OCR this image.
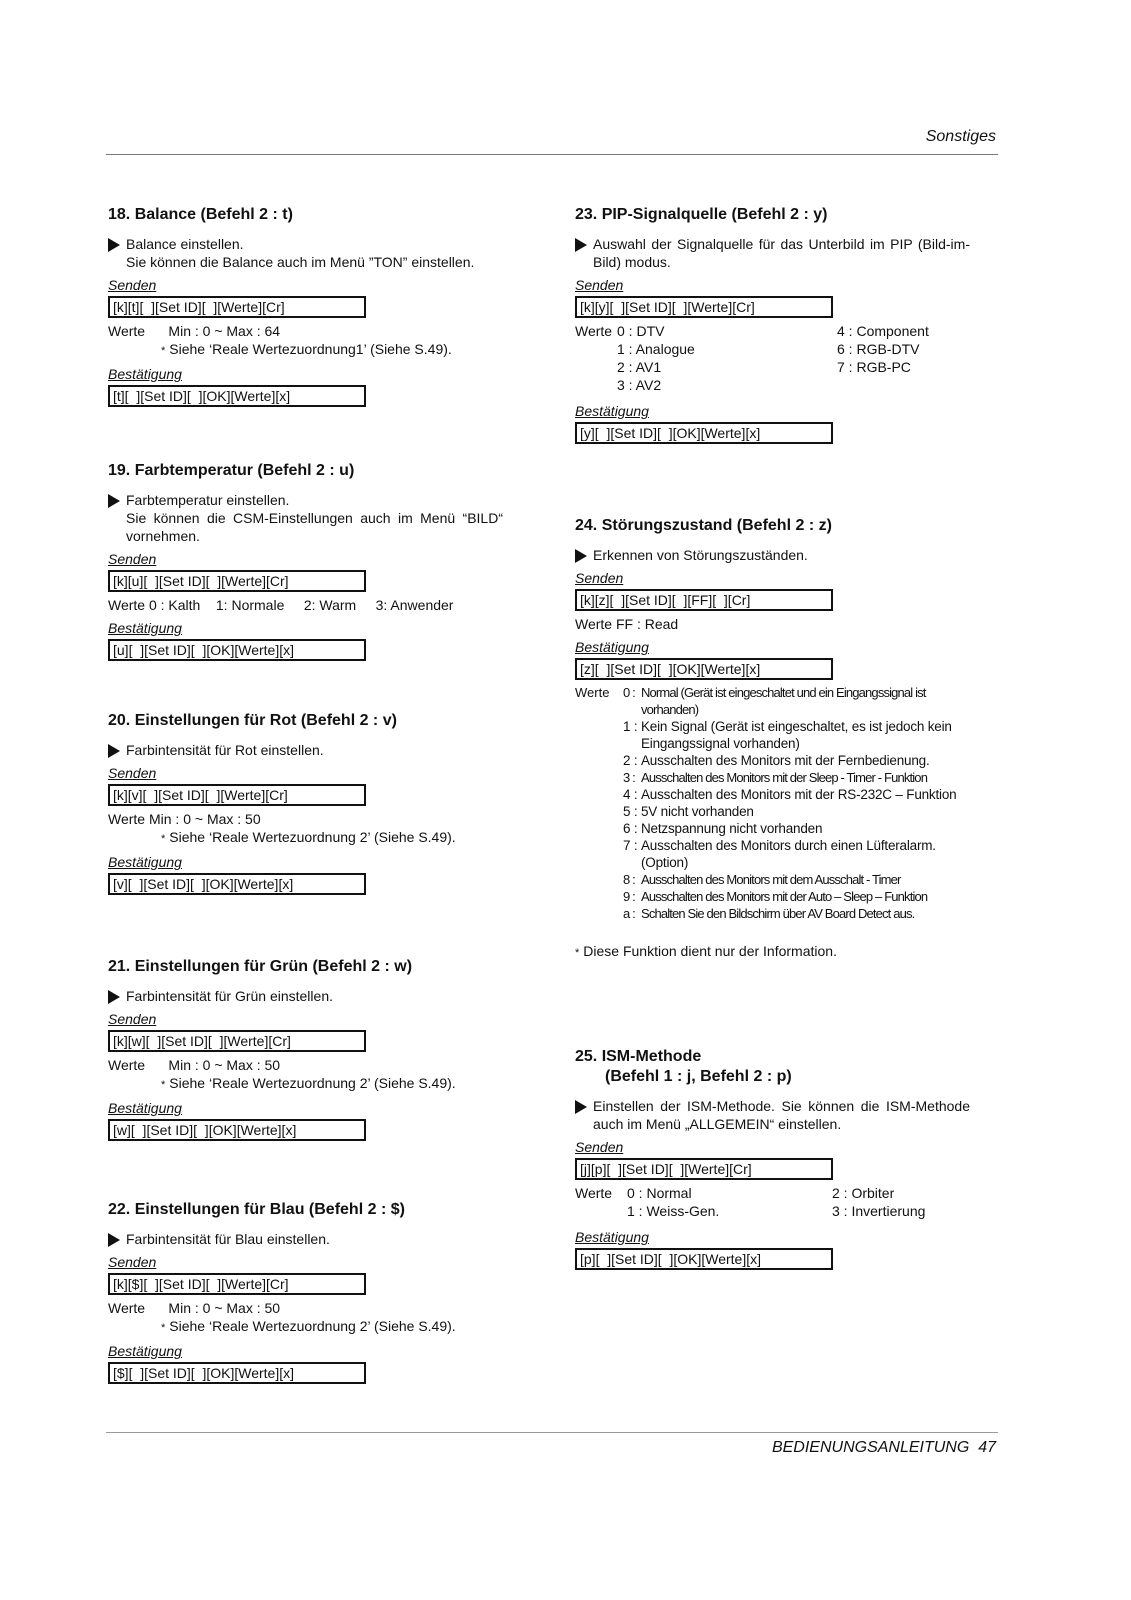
Sonstiges
18. Balance (Befehl 2 : t)
Balance einstellen.
Sie können die Balance auch im Menü ”TON” einstellen.
Senden
[k][t][  ][Set ID][  ][Werte][Cr]
Werte      Min : 0 ~ Max : 64
* Siehe ‘Reale Wertezuordnung1’ (Siehe S.49).
Bestätigung
[t][  ][Set ID][  ][OK][Werte][x]
19. Farbtemperatur (Befehl 2 : u)
Farbtemperatur einstellen.
Sie können die CSM-Einstellungen auch im Menü “BILD“ vornehmen.
Senden
[k][u][  ][Set ID][  ][Werte][Cr]
Werte 0 : Kalth    1: Normale     2: Warm     3: Anwender
Bestätigung
[u][  ][Set ID][  ][OK][Werte][x]
20. Einstellungen für Rot (Befehl 2 : v)
Farbintensität für Rot einstellen.
Senden
[k][v][  ][Set ID][  ][Werte][Cr]
Werte Min : 0 ~ Max : 50
* Siehe ‘Reale Wertezuordnung 2’ (Siehe S.49).
Bestätigung
[v][  ][Set ID][  ][OK][Werte][x]
21. Einstellungen für Grün (Befehl 2 : w)
Farbintensität für Grün einstellen.
Senden
[k][w][  ][Set ID][  ][Werte][Cr]
Werte      Min : 0 ~ Max : 50
* Siehe ‘Reale Wertezuordnung 2’ (Siehe S.49).
Bestätigung
[w][  ][Set ID][  ][OK][Werte][x]
22. Einstellungen für Blau (Befehl 2 : $)
Farbintensität für Blau einstellen.
Senden
[k][$][  ][Set ID][  ][Werte][Cr]
Werte      Min : 0 ~ Max : 50
* Siehe ‘Reale Wertezuordnung 2’ (Siehe S.49).
Bestätigung
[$][  ][Set ID][  ][OK][Werte][x]
23. PIP-Signalquelle (Befehl 2 : y)
Auswahl der Signalquelle für das Unterbild im PIP (Bild-im-Bild) modus.
Senden
[k][y][  ][Set ID][  ][Werte][Cr]
Werte 0 : DTV
1 : Analogue
2 : AV1
3 : AV2
4 : Component
6 : RGB-DTV
7 : RGB-PC
Bestätigung
[y][  ][Set ID][  ][OK][Werte][x]
24. Störungszustand (Befehl 2 : z)
Erkennen von Störungszuständen.
Senden
[k][z][  ][Set ID][  ][FF][  ][Cr]
Werte FF : Read
Bestätigung
[z][  ][Set ID][  ][OK][Werte][x]
Werte 0 : Normal (Gerät ist eingeschaltet und ein Eingangssignal ist vorhanden)
1 : Kein Signal (Gerät ist eingeschaltet, es ist jedoch kein Eingangssignal vorhanden)
2 : Ausschalten des Monitors mit der Fernbedienung.
3 : Ausschalten des Monitors mit der Sleep - Timer - Funktion
4 : Ausschalten des Monitors mit der RS-232C – Funktion
5 : 5V nicht vorhanden
6 : Netzspannung nicht vorhanden
7 : Ausschalten des Monitors durch einen Lüfteralarm. (Option)
8 : Ausschalten des Monitors mit dem Ausschalt - Timer
9 : Ausschalten des Monitors mit der Auto – Sleep – Funktion
a : Schalten Sie den Bildschirm über AV Board Detect aus.
* Diese Funktion dient nur der Information.
25. ISM-Methode
(Befehl 1 : j, Befehl 2 : p)
Einstellen der ISM-Methode. Sie können die ISM-Methode auch im Menü „ALLGEMEIN“ einstellen.
Senden
[j][p][  ][Set ID][  ][Werte][Cr]
Werte 0 : Normal
1 : Weiss-Gen.
2 : Orbiter
3 : Invertierung
Bestätigung
[p][  ][Set ID][  ][OK][Werte][x]
BEDIENUNGSANLEITUNG 47
